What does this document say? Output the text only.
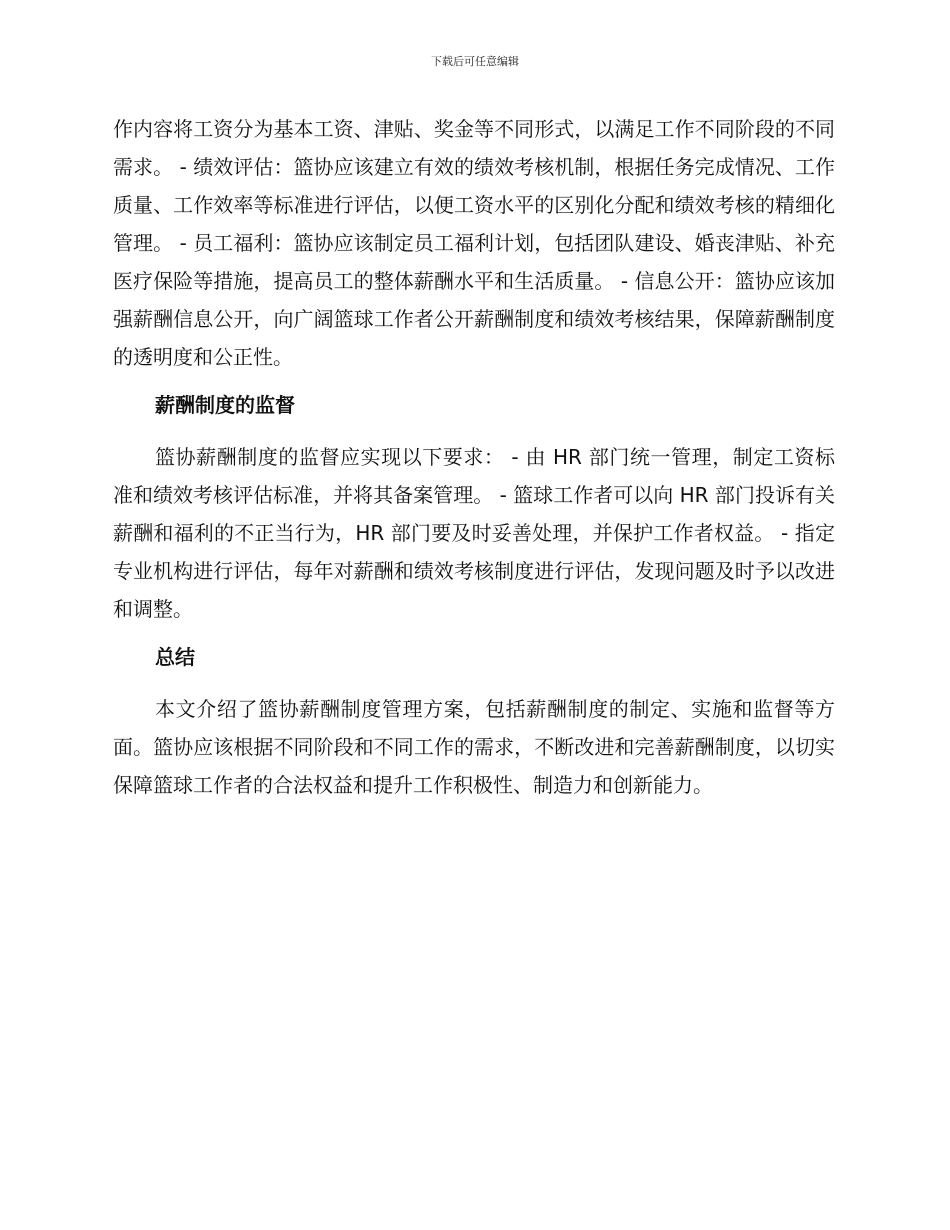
下载后可任意编辑

作内容将工资分为基本工资、津贴、奖金等不同形式，以满足工作不同阶段的不同需求。 - 绩效评估：篮协应该建立有效的绩效考核机制，根据任务完成情况、工作质量、工作效率等标准进行评估，以便工资水平的区别化分配和绩效考核的精细化管理。 - 员工福利：篮协应该制定员工福利计划，包括团队建设、婚丧津贴、补充医疗保险等措施，提高员工的整体薪酬水平和生活质量。 - 信息公开：篮协应该加强薪酬信息公开，向广阔篮球工作者公开薪酬制度和绩效考核结果，保障薪酬制度的透明度和公正性。

薪酬制度的监督

篮协薪酬制度的监督应实现以下要求： - 由 HR 部门统一管理，制定工资标准和绩效考核评估标准，并将其备案管理。 - 篮球工作者可以向 HR 部门投诉有关薪酬和福利的不正当行为，HR 部门要及时妥善处理，并保护工作者权益。 - 指定专业机构进行评估，每年对薪酬和绩效考核制度进行评估，发现问题及时予以改进和调整。

总结

本文介绍了篮协薪酬制度管理方案，包括薪酬制度的制定、实施和监督等方面。篮协应该根据不同阶段和不同工作的需求，不断改进和完善薪酬制度，以切实保障篮球工作者的合法权益和提升工作积极性、制造力和创新能力。
